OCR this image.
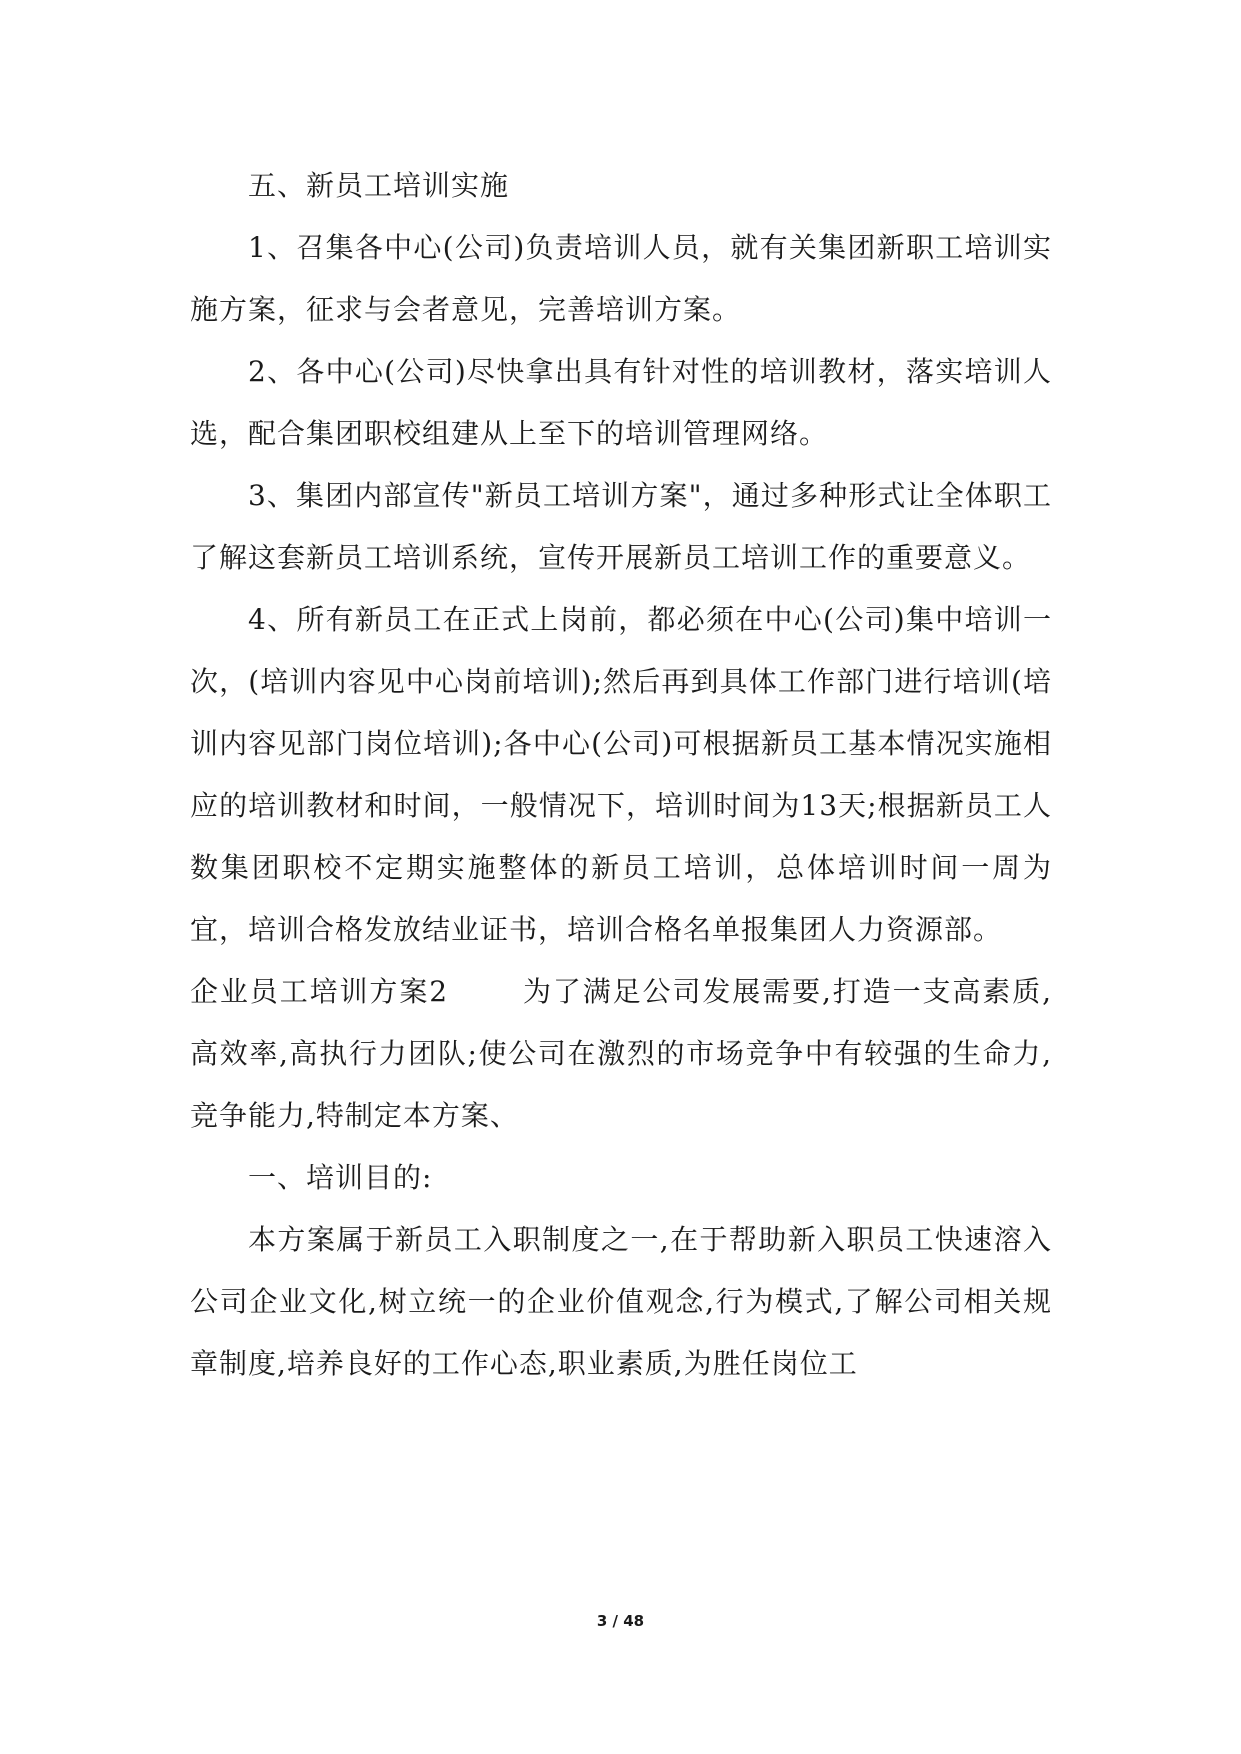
五、新员工培训实施

1、召集各中心(公司)负责培训人员，就有关集团新职工培训实施方案，征求与会者意见，完善培训方案。

2、各中心(公司)尽快拿出具有针对性的培训教材，落实培训人选，配合集团职校组建从上至下的培训管理网络。

3、集团内部宣传"新员工培训方案"，通过多种形式让全体职工了解这套新员工培训系统，宣传开展新员工培训工作的重要意义。

4、所有新员工在正式上岗前，都必须在中心(公司)集中培训一次，(培训内容见中心岗前培训);然后再到具体工作部门进行培训(培训内容见部门岗位培训);各中心(公司)可根据新员工基本情况实施相应的培训教材和时间，一般情况下，培训时间为13天;根据新员工人数集团职校不定期实施整体的新员工培训，总体培训时间一周为宜，培训合格发放结业证书，培训合格名单报集团人力资源部。

企业员工培训方案2	为了满足公司发展需要,打造一支高素质,高效率,高执行力团队;使公司在激烈的市场竞争中有较强的生命力,竞争能力,特制定本方案、

一、培训目的:

本方案属于新员工入职制度之一,在于帮助新入职员工快速溶入公司企业文化,树立统一的企业价值观念,行为模式,了解公司相关规章制度,培养良好的工作心态,职业素质,为胜任岗位工

3 / 48
